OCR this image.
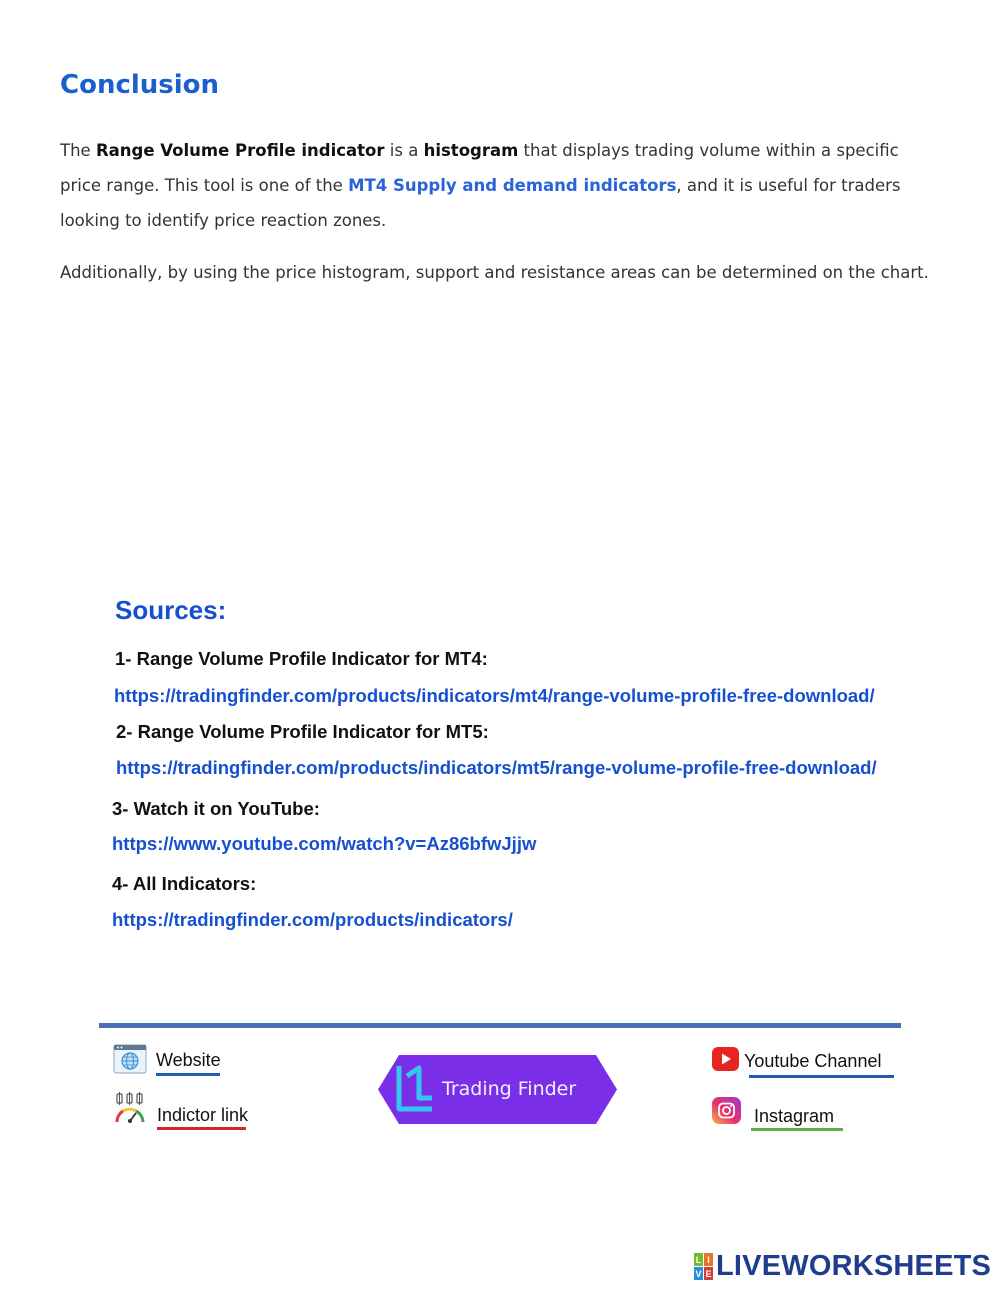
Conclusion

The Range Volume Profile indicator is a histogram that displays trading volume within a specific price range. This tool is one of the MT4 Supply and demand indicators, and it is useful for traders looking to identify price reaction zones.

Additionally, by using the price histogram, support and resistance areas can be determined on the chart.

Sources:
1- Range Volume Profile Indicator for MT4:
https://tradingfinder.com/products/indicators/mt4/range-volume-profile-free-download/
2- Range Volume Profile Indicator for MT5:
https://tradingfinder.com/products/indicators/mt5/range-volume-profile-free-download/
3- Watch it on YouTube:
https://www.youtube.com/watch?v=Az86bfwJjjw
4- All Indicators:
https://tradingfinder.com/products/indicators/
Website
Indictor link
Trading Finder
Youtube Channel
Instagram
L I
V E LIVEWORKSHEETS
